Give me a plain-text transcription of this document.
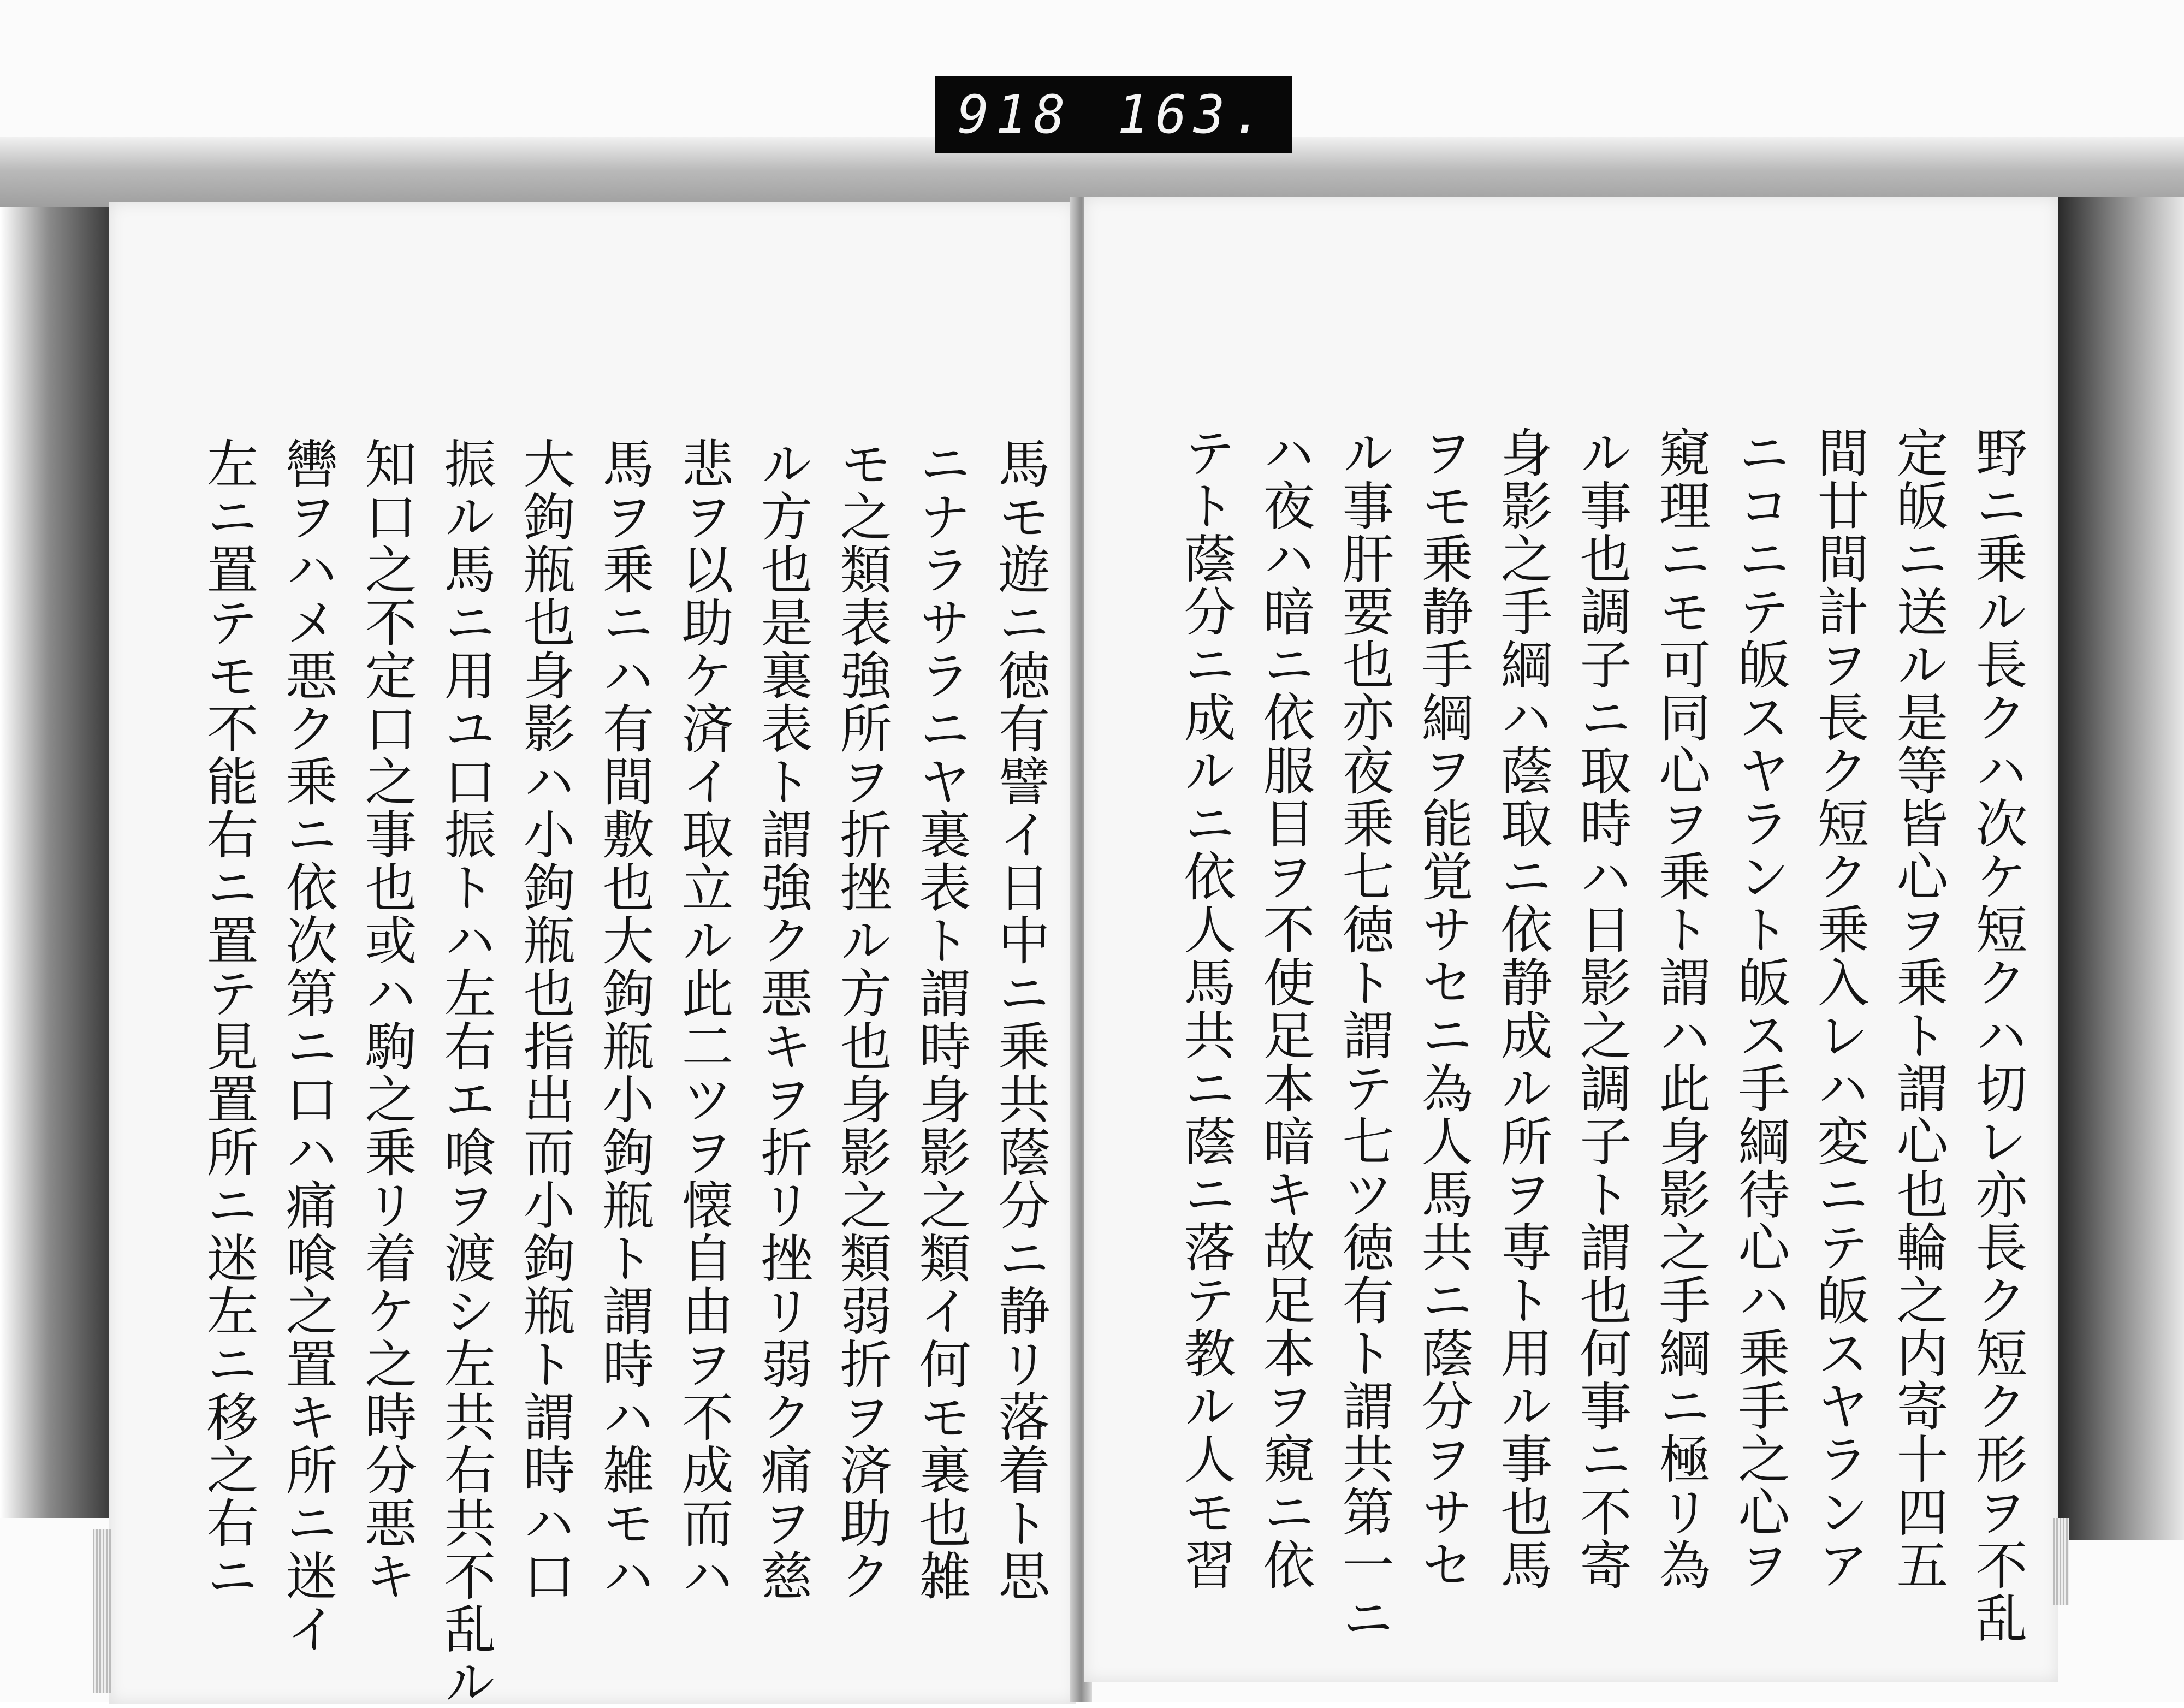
918 163.
馬モ遊ニ徳有譬イ日中ニ乗共蔭分ニ静リ落着ト思
ニナラサラニヤ裏表ト謂時身影之類イ何モ裏也雑
モ之類表強所ヲ折挫ル方也身影之類弱折ヲ済助ク
ル方也是裏表ト謂強ク悪キヲ折リ挫リ弱ク痛ヲ慈
悲ヲ以助ケ済イ取立ル此二ツヲ懐自由ヲ不成而ハ
馬ヲ乗ニハ有間敷也大鉤瓶小鉤瓶ト謂時ハ雑モハ
大鉤瓶也身影ハ小鉤瓶也指出而小鉤瓶ト謂時ハ口
振ル馬ニ用ユ口振トハ左右エ喰ヲ渡シ左共右共不乱ル
知口之不定口之事也或ハ駒之乗リ着ケ之時分悪キ
轡ヲハメ悪ク乗ニ依次第ニ口ハ痛喰之置キ所ニ迷イ
左ニ置テモ不能右ニ置テ見置所ニ迷左ニ移之右ニ	野ニ乗ル長クハ次ケ短クハ切レ亦長ク短ク形ヲ不乱
定皈ニ送ル是等皆心ヲ乗ト謂心也輪之内寄十四五
間廿間計ヲ長ク短ク乗入レハ変ニテ皈スヤランア
ニコニテ皈スヤラント皈ス手綱待心ハ乗手之心ヲ
窺理ニモ可同心ヲ乗ト謂ハ此身影之手綱ニ極リ為
ル事也調子ニ取時ハ日影之調子ト謂也何事ニ不寄
身影之手綱ハ蔭取ニ依静成ル所ヲ専ト用ル事也馬
ヲモ乗静手綱ヲ能覚サセニ為人馬共ニ蔭分ヲサセ
ル事肝要也亦夜乗七徳ト謂テ七ツ徳有ト謂共第一ニ
ハ夜ハ暗ニ依服目ヲ不使足本暗キ故足本ヲ窺ニ依
テト蔭分ニ成ルニ依人馬共ニ蔭ニ落テ教ル人モ習
